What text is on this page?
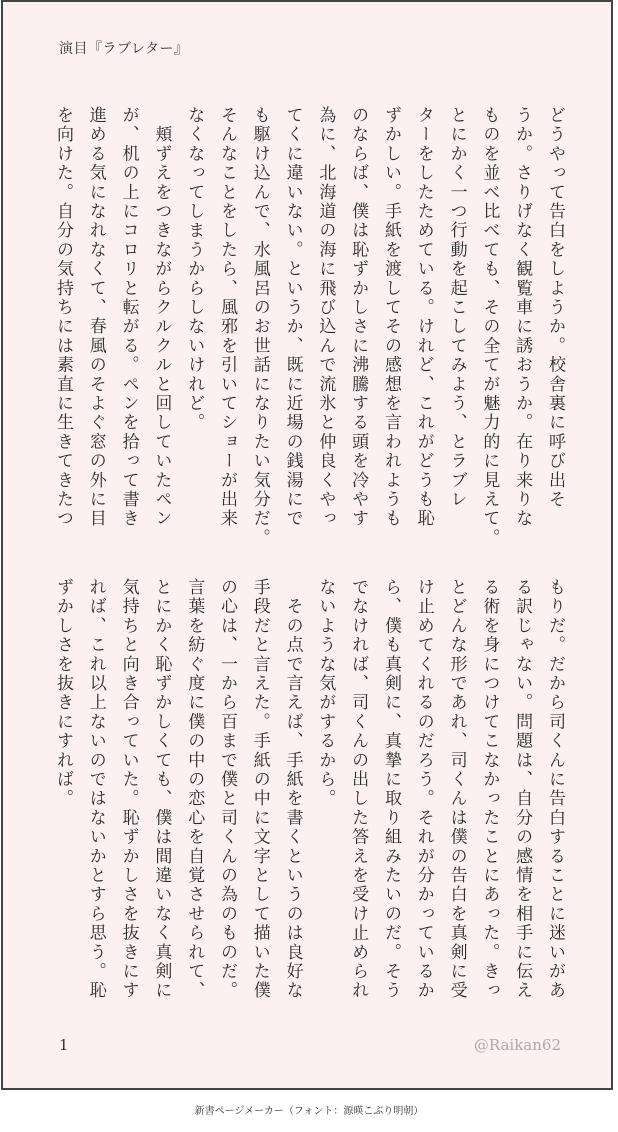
演目『ラブレター』
どうやって告白をしようか。校舎裏に呼び出そ
うか。さりげなく観覧車に誘おうか。在り来りな
ものを並べ比べても、その全てが魅力的に見えて。
とにかく一つ行動を起こしてみよう、とラブレ
ターをしたためている。けれど、これがどうも恥
ずかしい。手紙を渡してその感想を言われようも
のならば、僕は恥ずかしさに沸騰する頭を冷やす
為に、北海道の海に飛び込んで流氷と仲良くやっ
てくに違いない。というか、既に近場の銭湯にで
も駆け込んで、水風呂のお世話になりたい気分だ。
そんなことをしたら、風邪を引いてショーが出来
なくなってしまうからしないけれど。
　頬ずえをつきながらクルクルと回していたペン
が、机の上にコロリと転がる。ペンを拾って書き
進める気になれなくて、春風のそよぐ窓の外に目
を向けた。自分の気持ちには素直に生きてきたつ
もりだ。だから司くんに告白することに迷いがあ
る訳じゃない。問題は、自分の感情を相手に伝え
る術を身につけてこなかったことにあった。きっ
とどんな形であれ、司くんは僕の告白を真剣に受
け止めてくれるのだろう。それが分かっているか
ら、僕も真剣に、真摯に取り組みたいのだ。そう
でなければ、司くんの出した答えを受け止められ
ないような気がするから。
　その点で言えば、手紙を書くというのは良好な
手段だと言えた。手紙の中に文字として描いた僕
の心は、一から百まで僕と司くんの為のものだ。
言葉を紡ぐ度に僕の中の恋心を自覚させられて、
とにかく恥ずかしくても、僕は間違いなく真剣に
気持ちと向き合っていた。恥ずかしさを抜きにす
れば、これ以上ないのではないかとすら思う。恥
ずかしさを抜きにすれば。
1	@Raikan62
新書ページメーカー（フォント：源暎こぶり明朝）
